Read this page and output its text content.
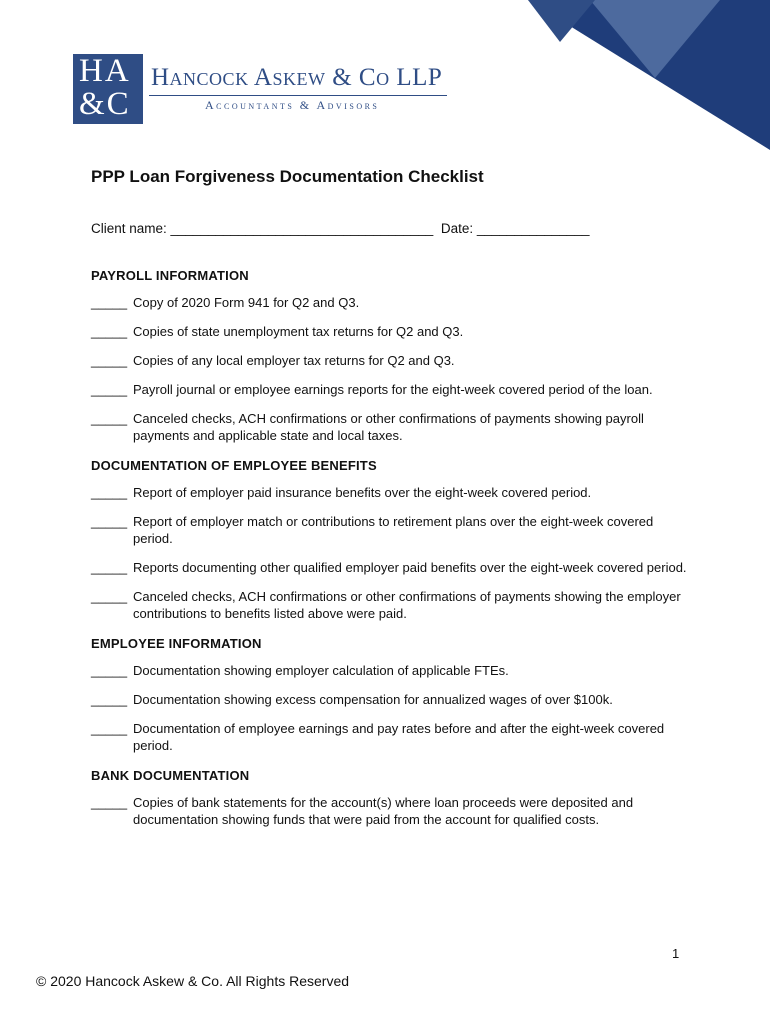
HA
&C
Hancock Askew & Co LLP
Accountants & Advisors
PPP Loan Forgiveness Documentation Checklist
Client name: ___________________________________  Date: _______________
PAYROLL INFORMATION
_____ Copy of 2020 Form 941 for Q2 and Q3.
_____ Copies of state unemployment tax returns for Q2 and Q3.
_____ Copies of any local employer tax returns for Q2 and Q3.
_____ Payroll journal or employee earnings reports for the eight-week covered period of the loan.
_____ Canceled checks, ACH confirmations or other confirmations of payments showing payroll payments and applicable state and local taxes.
DOCUMENTATION OF EMPLOYEE BENEFITS
_____ Report of employer paid insurance benefits over the eight-week covered period.
_____ Report of employer match or contributions to retirement plans over the eight-week covered period.
_____ Reports documenting other qualified employer paid benefits over the eight-week covered period.
_____ Canceled checks, ACH confirmations or other confirmations of payments showing the employer contributions to benefits listed above were paid.
EMPLOYEE INFORMATION
_____ Documentation showing employer calculation of applicable FTEs.
_____ Documentation showing excess compensation for annualized wages of over $100k.
_____ Documentation of employee earnings and pay rates before and after the eight-week covered period.
BANK DOCUMENTATION
_____ Copies of bank statements for the account(s) where loan proceeds were deposited and documentation showing funds that were paid from the account for qualified costs.
1
© 2020 Hancock Askew & Co. All Rights Reserved
